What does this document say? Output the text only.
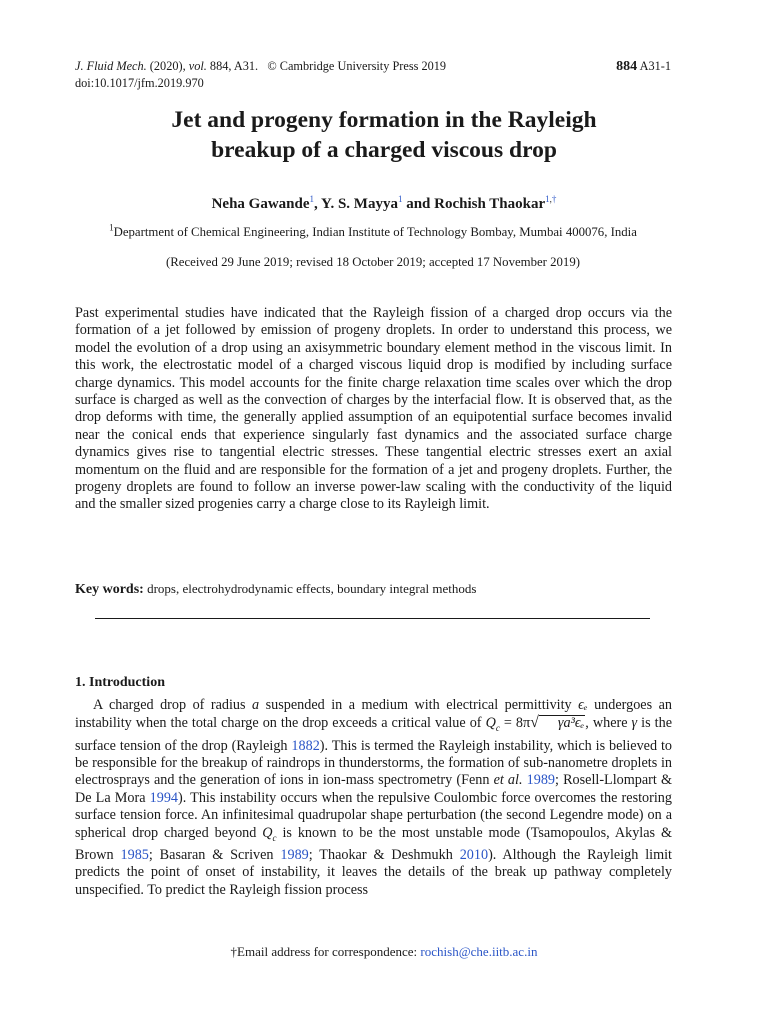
J. Fluid Mech. (2020), vol. 884, A31. © Cambridge University Press 2019
doi:10.1017/jfm.2019.970
884 A31-1
Jet and progeny formation in the Rayleigh
breakup of a charged viscous drop
Neha Gawande$^1$, Y. S. Mayya$^1$ and Rochish Thaokar$^{1,\dagger}$
$^1$Department of Chemical Engineering, Indian Institute of Technology Bombay, Mumbai 400076, India
(Received 29 June 2019; revised 18 October 2019; accepted 17 November 2019)
Past experimental studies have indicated that the Rayleigh fission of a charged drop occurs via the formation of a jet followed by emission of progeny droplets. In order to understand this process, we model the evolution of a drop using an axisymmetric boundary element method in the viscous limit. In this work, the electrostatic model of a charged viscous liquid drop is modified by including surface charge dynamics. This model accounts for the finite charge relaxation time scales over which the drop surface is charged as well as the convection of charges by the interfacial flow. It is observed that, as the drop deforms with time, the generally applied assumption of an equipotential surface becomes invalid near the conical ends that experience singularly fast dynamics and the associated surface charge dynamics gives rise to tangential electric stresses. These tangential electric stresses exert an axial momentum on the fluid and are responsible for the formation of a jet and progeny droplets. Further, the progeny droplets are found to follow an inverse power-law scaling with the conductivity of the liquid and the smaller sized progenies carry a charge close to its Rayleigh limit.
Key words: drops, electrohydrodynamic effects, boundary integral methods
1. Introduction

A charged drop of radius a suspended in a medium with electrical permittivity ϵₑ undergoes an instability when the total charge on the drop exceeds a critical value of $Q_c = 8\pi√$ γa³ϵₑ, where γ is the surface tension of the drop (Rayleigh 1882). This is termed the Rayleigh instability, which is believed to be responsible for the breakup of raindrops in thunderstorms, the formation of sub-nanometre droplets in electrosprays and the generation of ions in ion-mass spectrometry (Fenn et al. 1989; Rosell-Llompart & De La Mora 1994). This instability occurs when the repulsive Coulombic force overcomes the restoring surface tension force. An infinitesimal quadrupolar shape perturbation (the second Legendre mode) on a spherical drop charged beyond $Q_c$ is known to be the most unstable mode (Tsamopoulos, Akylas & Brown 1985; Basaran & Scriven 1989; Thaokar & Deshmukh 2010). Although the Rayleigh limit predicts the point of onset of instability, it leaves the details of the break up pathway completely unspecified. To predict the Rayleigh fission process

†Email address for correspondence: rochish@che.iitb.ac.in
